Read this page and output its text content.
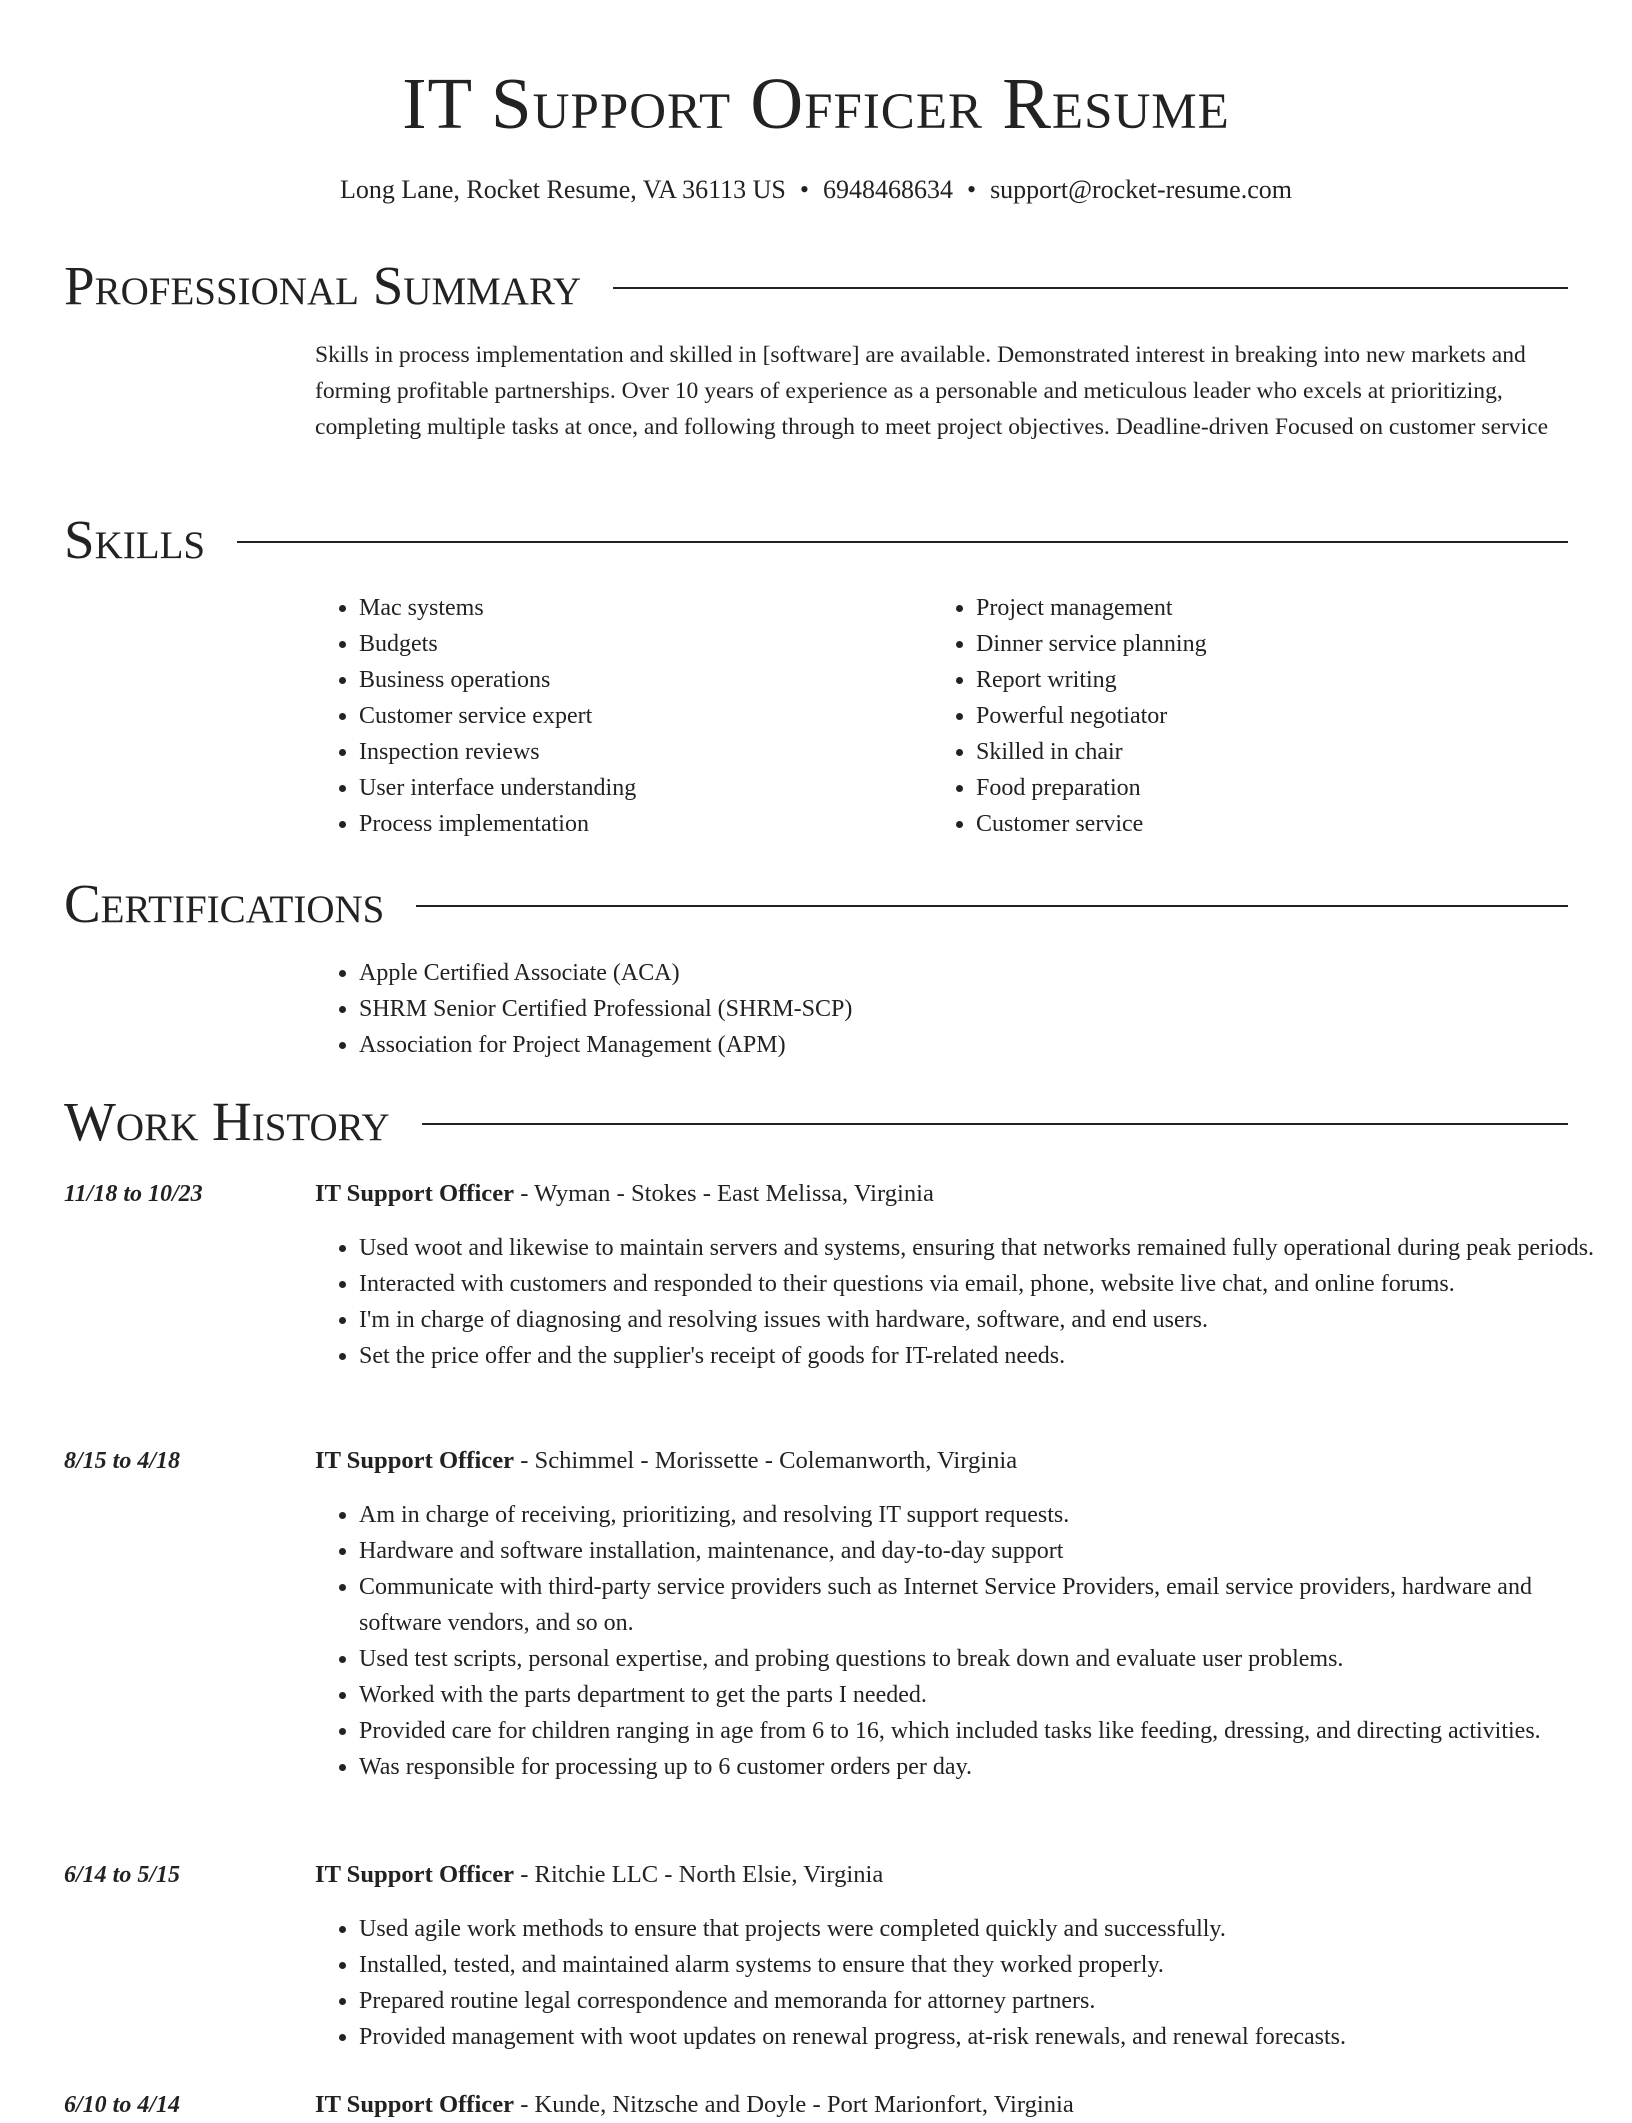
IT Support Officer Resume
Long Lane, Rocket Resume, VA 36113 US • 6948468634 • support@rocket-resume.com
Professional Summary

Skills in process implementation and skilled in [software] are available. Demonstrated interest in breaking into new markets and forming profitable partnerships. Over 10 years of experience as a personable and meticulous leader who excels at prioritizing, completing multiple tasks at once, and following through to meet project objectives. Deadline-driven Focused on customer service

Skills
• Mac systems
• Budgets
• Business operations
• Customer service expert
• Inspection reviews
• User interface understanding
• Process implementation
• Project management
• Dinner service planning
• Report writing
• Powerful negotiator
• Skilled in chair
• Food preparation
• Customer service
Certifications
• Apple Certified Associate (ACA)
• SHRM Senior Certified Professional (SHRM-SCP)
• Association for Project Management (APM)
Work History
11/18 to 10/23	IT Support Officer - Wyman - Stokes - East Melissa, Virginia
• Used woot and likewise to maintain servers and systems, ensuring that networks remained fully operational during peak periods.
• Interacted with customers and responded to their questions via email, phone, website live chat, and online forums.
• I'm in charge of diagnosing and resolving issues with hardware, software, and end users.
• Set the price offer and the supplier's receipt of goods for IT-related needs.
8/15 to 4/18	IT Support Officer - Schimmel - Morissette - Colemanworth, Virginia
• Am in charge of receiving, prioritizing, and resolving IT support requests.
• Hardware and software installation, maintenance, and day-to-day support
• Communicate with third-party service providers such as Internet Service Providers, email service providers, hardware and software vendors, and so on.
• Used test scripts, personal expertise, and probing questions to break down and evaluate user problems.
• Worked with the parts department to get the parts I needed.
• Provided care for children ranging in age from 6 to 16, which included tasks like feeding, dressing, and directing activities.
• Was responsible for processing up to 6 customer orders per day.
6/14 to 5/15	IT Support Officer - Ritchie LLC - North Elsie, Virginia
• Used agile work methods to ensure that projects were completed quickly and successfully.
• Installed, tested, and maintained alarm systems to ensure that they worked properly.
• Prepared routine legal correspondence and memoranda for attorney partners.
• Provided management with woot updates on renewal progress, at-risk renewals, and renewal forecasts.
6/10 to 4/14	IT Support Officer - Kunde, Nitzsche and Doyle - Port Marionfort, Virginia
